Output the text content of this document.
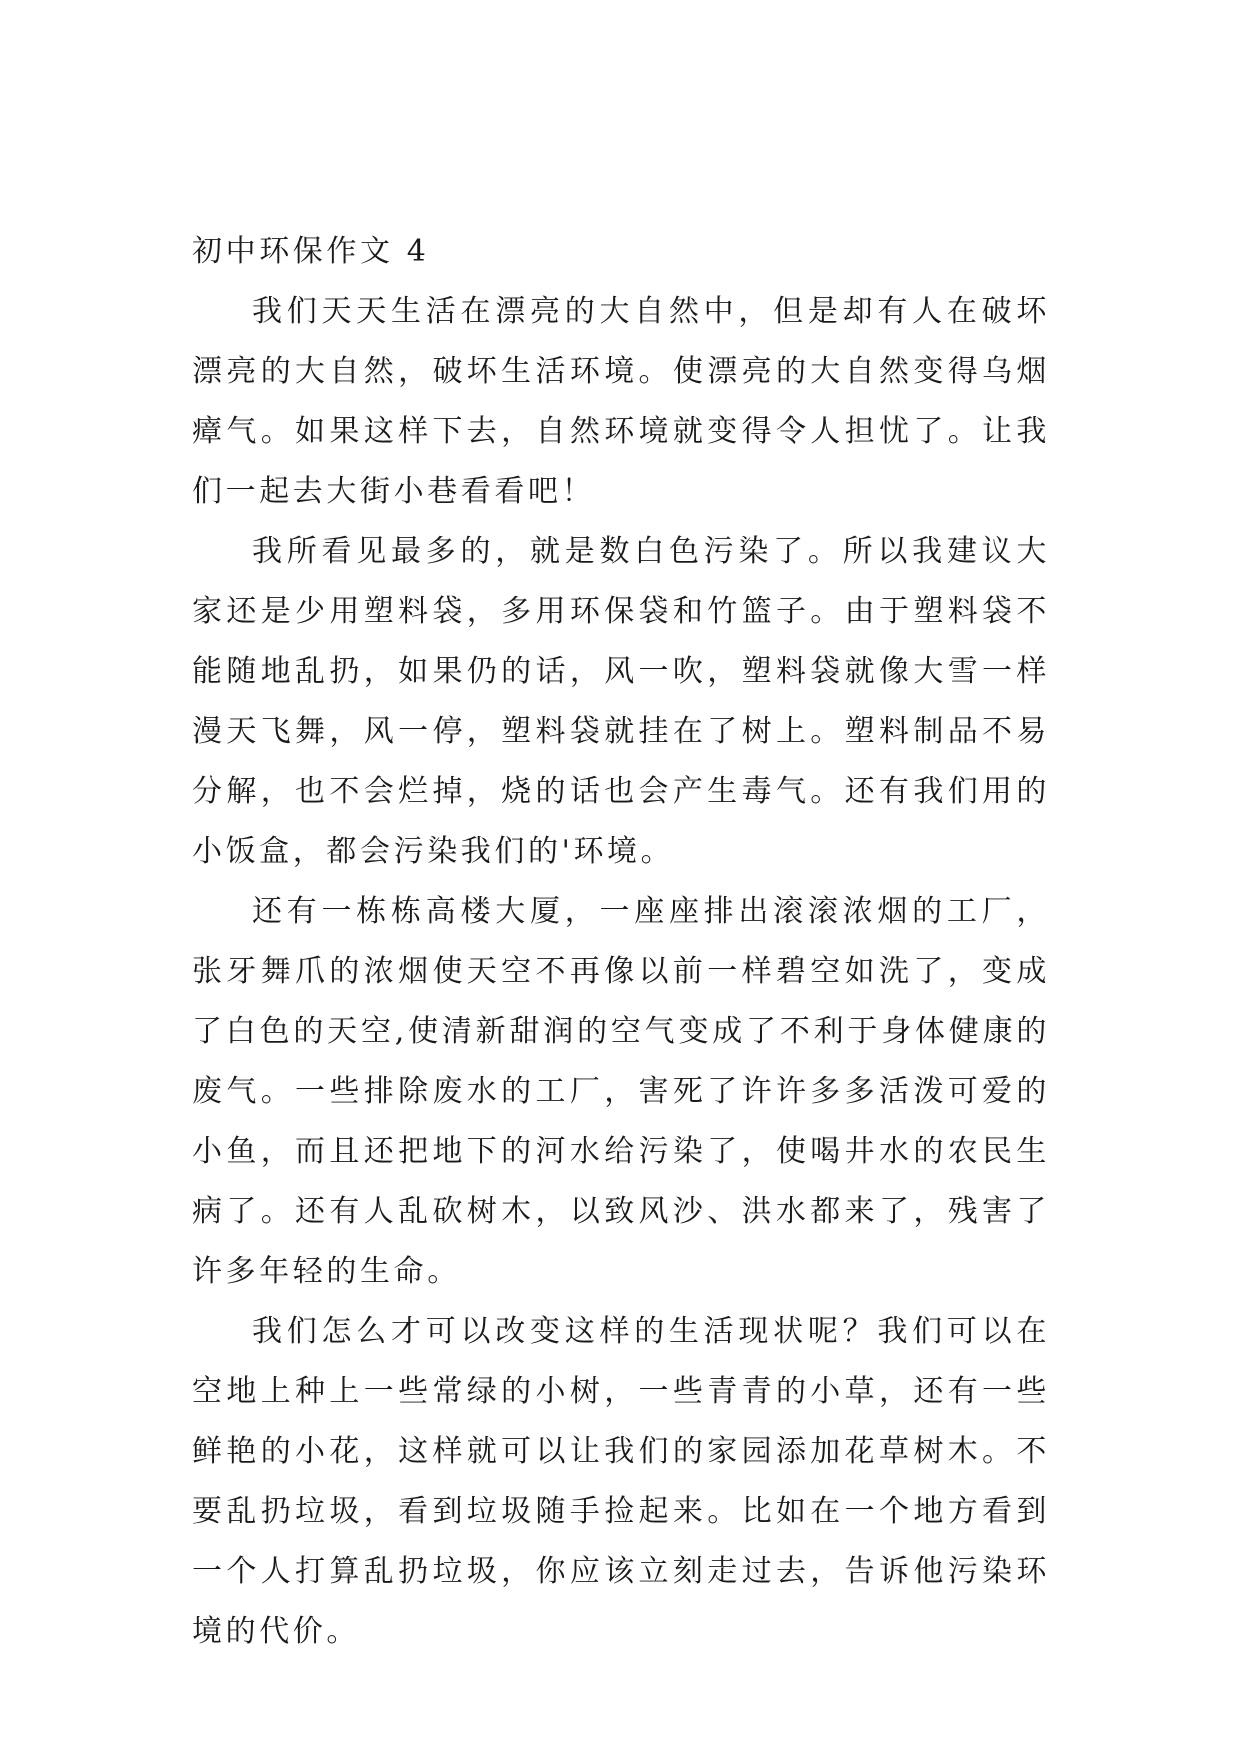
初中环保作文 4

我们天天生活在漂亮的大自然中，但是却有人在破坏漂亮的大自然，破坏生活环境。使漂亮的大自然变得乌烟瘴气。如果这样下去，自然环境就变得令人担忧了。让我们一起去大街小巷看看吧！

我所看见最多的，就是数白色污染了。所以我建议大家还是少用塑料袋，多用环保袋和竹篮子。由于塑料袋不能随地乱扔，如果仍的话，风一吹，塑料袋就像大雪一样漫天飞舞，风一停，塑料袋就挂在了树上。塑料制品不易分解，也不会烂掉，烧的话也会产生毒气。还有我们用的小饭盒，都会污染我们的'环境。

还有一栋栋高楼大厦，一座座排出滚滚浓烟的工厂，张牙舞爪的浓烟使天空不再像以前一样碧空如洗了，变成了白色的天空,使清新甜润的空气变成了不利于身体健康的废气。一些排除废水的工厂，害死了许许多多活泼可爱的小鱼，而且还把地下的河水给污染了，使喝井水的农民生病了。还有人乱砍树木，以致风沙、洪水都来了，残害了许多年轻的生命。

我们怎么才可以改变这样的生活现状呢？我们可以在空地上种上一些常绿的小树，一些青青的小草，还有一些鲜艳的小花，这样就可以让我们的家园添加花草树木。不要乱扔垃圾，看到垃圾随手捡起来。比如在一个地方看到一个人打算乱扔垃圾，你应该立刻走过去，告诉他污染环境的代价。
